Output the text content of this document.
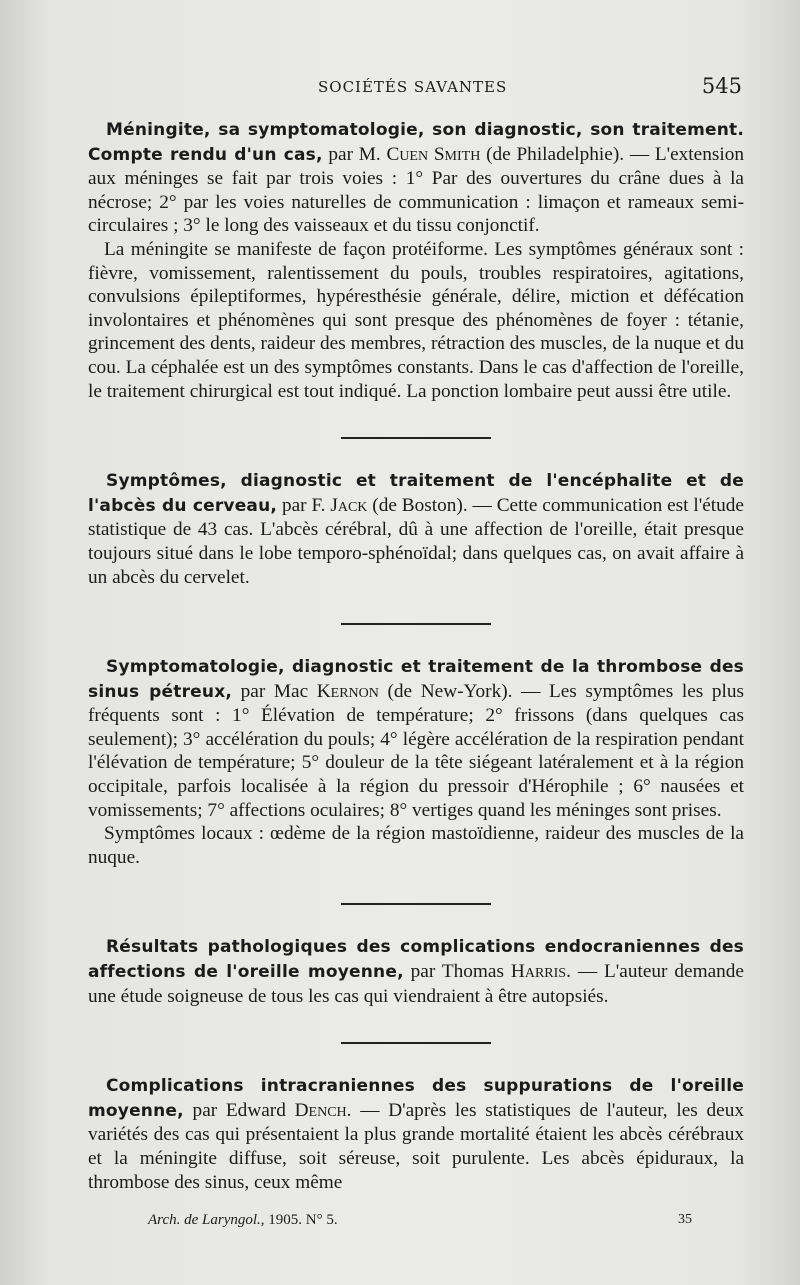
SOCIÉTÉS SAVANTES	545

Méningite, sa symptomatologie, son diagnostic, son traitement. Compte rendu d'un cas, par M. Cuen Smith (de Philadelphie). — L'extension aux méninges se fait par trois voies : 1° Par des ouvertures du crâne dues à la nécrose; 2° par les voies naturelles de communication : limaçon et rameaux semi-circulaires ; 3° le long des vaisseaux et du tissu conjonctif.

La méningite se manifeste de façon protéiforme. Les symptômes généraux sont : fièvre, vomissement, ralentissement du pouls, troubles respiratoires, agitations, convulsions épileptiformes, hypéresthésie générale, délire, miction et défécation involontaires et phénomènes qui sont presque des phénomènes de foyer : tétanie, grincement des dents, raideur des membres, rétraction des muscles, de la nuque et du cou. La céphalée est un des symptômes constants. Dans le cas d'affection de l'oreille, le traitement chirurgical est tout indiqué. La ponction lombaire peut aussi être utile.

Symptômes, diagnostic et traitement de l'encéphalite et de l'abcès du cerveau, par F. Jack (de Boston). — Cette communication est l'étude statistique de 43 cas. L'abcès cérébral, dû à une affection de l'oreille, était presque toujours situé dans le lobe temporo-sphénoïdal; dans quelques cas, on avait affaire à un abcès du cervelet.

Symptomatologie, diagnostic et traitement de la thrombose des sinus pétreux, par Mac Kernon (de New-York). — Les symptômes les plus fréquents sont : 1° Élévation de température; 2° frissons (dans quelques cas seulement); 3° accélération du pouls; 4° légère accélération de la respiration pendant l'élévation de température; 5° douleur de la tête siégeant latéralement et à la région occipitale, parfois localisée à la région du pressoir d'Hérophile ; 6° nausées et vomissements; 7° affections oculaires; 8° vertiges quand les méninges sont prises.

Symptômes locaux : œdème de la région mastoïdienne, raideur des muscles de la nuque.

Résultats pathologiques des complications endocraniennes des affections de l'oreille moyenne, par Thomas Harris. — L'auteur demande une étude soigneuse de tous les cas qui viendraient à être autopsiés.

Complications intracraniennes des suppurations de l'oreille moyenne, par Edward Dench. — D'après les statistiques de l'auteur, les deux variétés des cas qui présentaient la plus grande mortalité étaient les abcès cérébraux et la méningite diffuse, soit séreuse, soit purulente. Les abcès épiduraux, la thrombose des sinus, ceux même

Arch. de Laryngol., 1905. N° 5.	35
